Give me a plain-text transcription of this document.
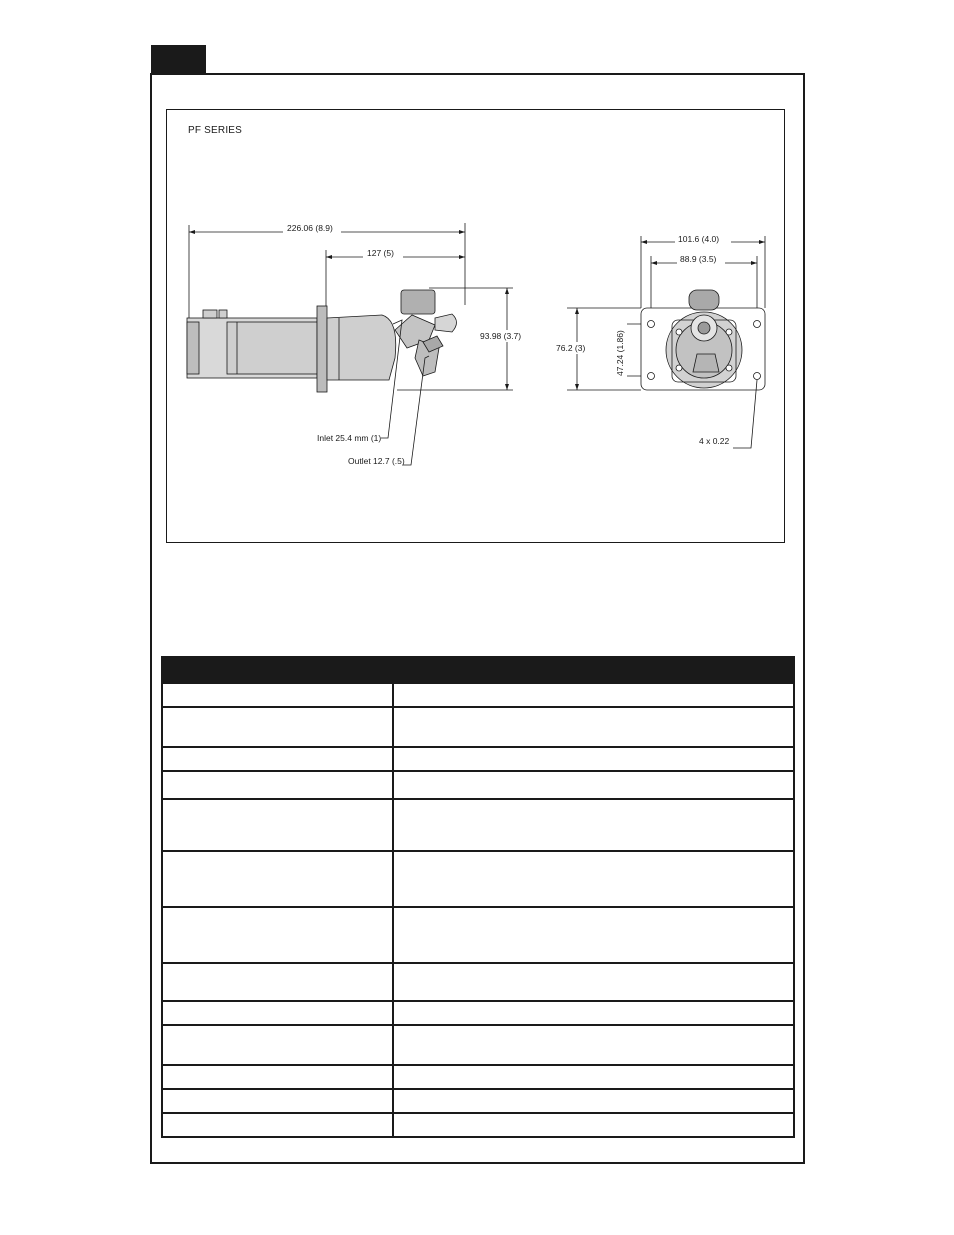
PF SERIES
226.06 (8.9)
127 (5)
93.98 (3.7)
Inlet 25.4 mm (1)
Outlet 12.7 (.5)
101.6 (4.0)
88.9 (3.5)
76.2 (3)	47.24 (1.86)
4 x 0.22
